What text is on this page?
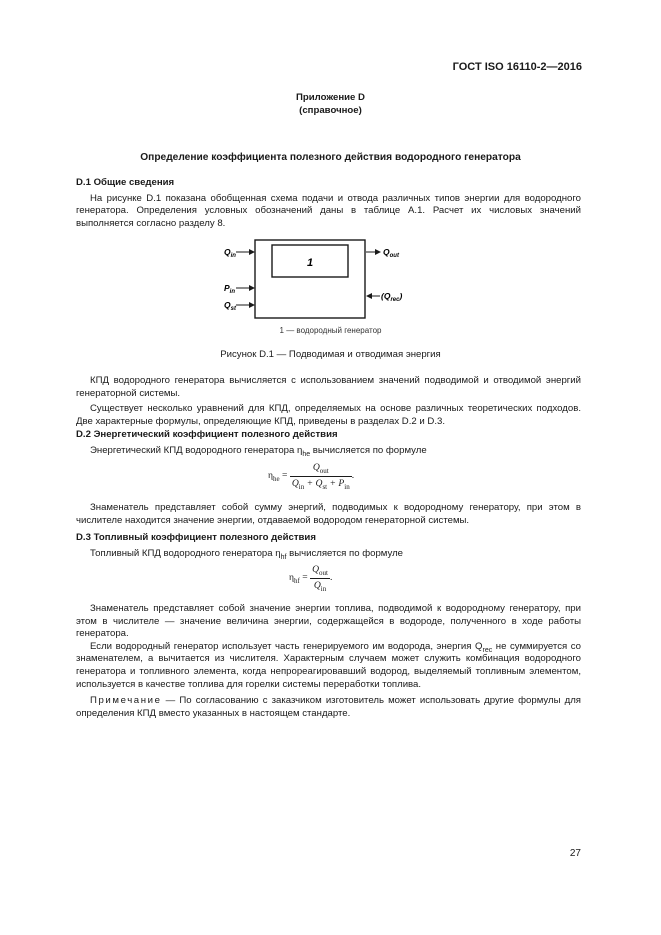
ГОСТ ISO 16110-2—2016
Приложение D
(справочное)
Определение коэффициента полезного действия водородного генератора
D.1 Общие сведения
На рисунке D.1 показана обобщенная схема подачи и отвода различных типов энергии для водородного генератора. Определения условных обозначений даны в таблице А.1. Расчет их числовых значений выполняется согласно разделу 8.
1
$Q_{in}$
$P_{in}$
$Q_{st}$
$Q_{out}$
$(Q_{rec})$
1 — водородный генератор
Рисунок D.1 — Подводимая и отводимая энергия
КПД водородного генератора вычисляется с использованием значений подводимой и отводимой энергий генераторной системы.
Существует несколько уравнений для КПД, определяемых на основе различных теоретических подходов. Две характерные формулы, определяющие КПД, приведены в разделах D.2 и D.3.
D.2 Энергетический коэффициент полезного действия
Энергетический КПД водородного генератора $\eta_{he}$ вычисляется по формуле
$\eta_{he} = \frac{Q_{out}}{Q_{in} + Q_{st} + P_{in}}$ .
Знаменатель представляет собой сумму энергий, подводимых к водородному генератору, при этом в числителе находится значение энергии, отдаваемой водородом генераторной системы.
D.3 Топливный коэффициент полезного действия
Топливный КПД водородного генератора $\eta_{hf}$ вычисляется по формуле
$\eta_{hf} = \frac{Q_{out}}{Q_{in}}$ .
Знаменатель представляет собой значение энергии топлива, подводимой к водородному генератору, при этом в числителе — значение величина энергии, содержащейся в водороде, полученного в ходе работы генератора.
Если водородный генератор использует часть генерируемого им водорода, энергия $Q_{rec}$ не суммируется со знаменателем, а вычитается из числителя. Характерным случаем может служить комбинация водородного генератора и топливного элемента, когда непрореагировавший водород, выделяемый топливным элементом, используется в качестве топлива для горелки системы переработки топлива.
Примечание — По согласованию с заказчиком изготовитель может использовать другие формулы для определения КПД вместо указанных в настоящем стандарте.
27
